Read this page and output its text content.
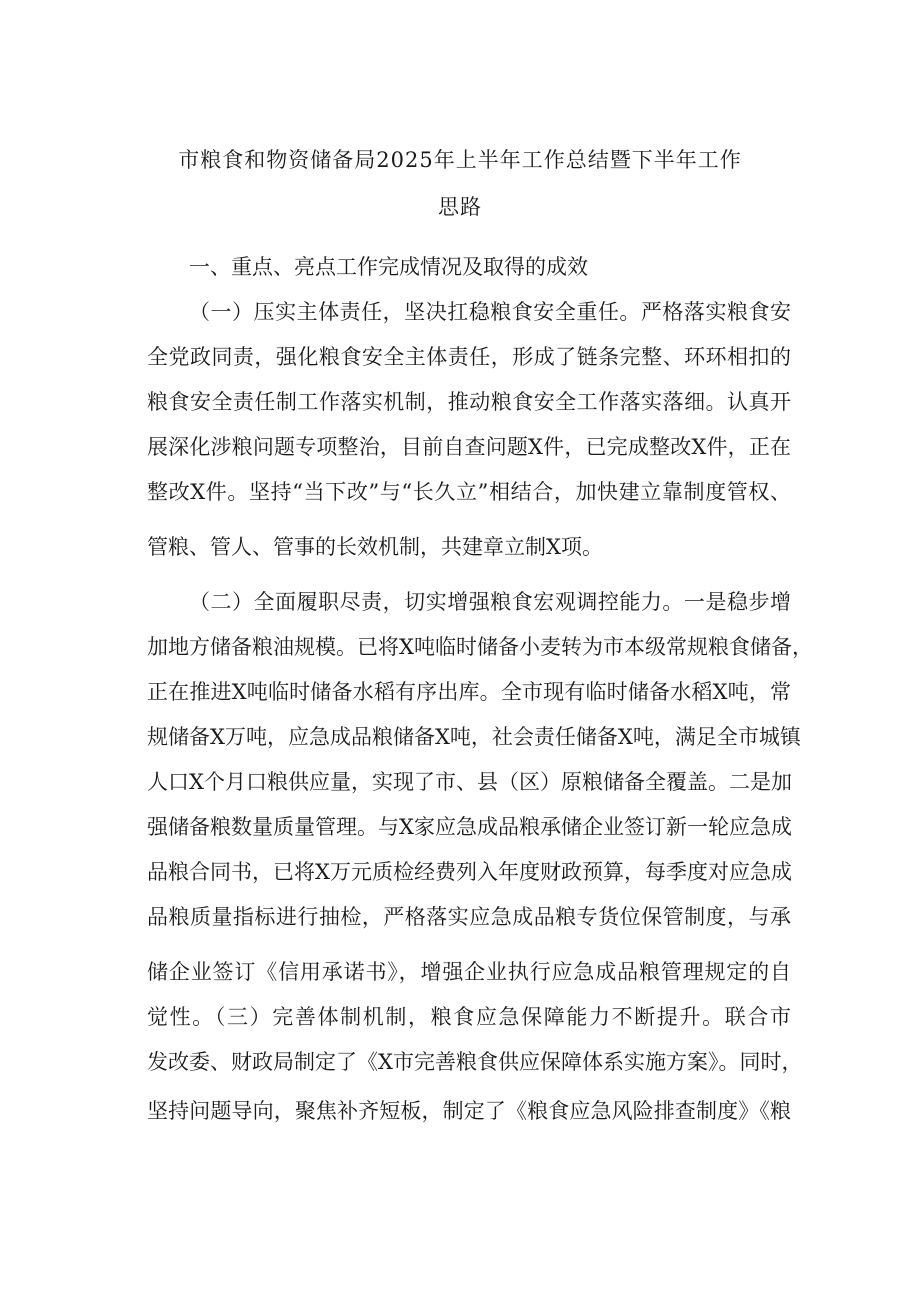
市粮食和物资储备局2025年上半年工作总结暨下半年工作
思路
一、重点、亮点工作完成情况及取得的成效
（一）压实主体责任，坚决扛稳粮食安全重任。严格落实粮食安
全党政同责，强化粮食安全主体责任，形成了链条完整、环环相扣的
粮食安全责任制工作落实机制，推动粮食安全工作落实落细。认真开
展深化涉粮问题专项整治，目前自查问题X件，已完成整改X件，正在
整改X件。坚持“当下改”与“长久立”相结合，加快建立靠制度管权、
管粮、管人、管事的长效机制，共建章立制X项。
（二）全面履职尽责，切实增强粮食宏观调控能力。一是稳步增
加地方储备粮油规模。已将X吨临时储备小麦转为市本级常规粮食储备，
正在推进X吨临时储备水稻有序出库。全市现有临时储备水稻X吨，常
规储备X万吨，应急成品粮储备X吨，社会责任储备X吨，满足全市城镇
人口X个月口粮供应量，实现了市、县（区）原粮储备全覆盖。二是加
强储备粮数量质量管理。与X家应急成品粮承储企业签订新一轮应急成
品粮合同书，已将X万元质检经费列入年度财政预算，每季度对应急成
品粮质量指标进行抽检，严格落实应急成品粮专货位保管制度，与承
储企业签订《信用承诺书》，增强企业执行应急成品粮管理规定的自
觉性。（三）完善体制机制，粮食应急保障能力不断提升。联合市
发改委、财政局制定了《X市完善粮食供应保障体系实施方案》。同时，
坚持问题导向，聚焦补齐短板，制定了《粮食应急风险排查制度》《粮
